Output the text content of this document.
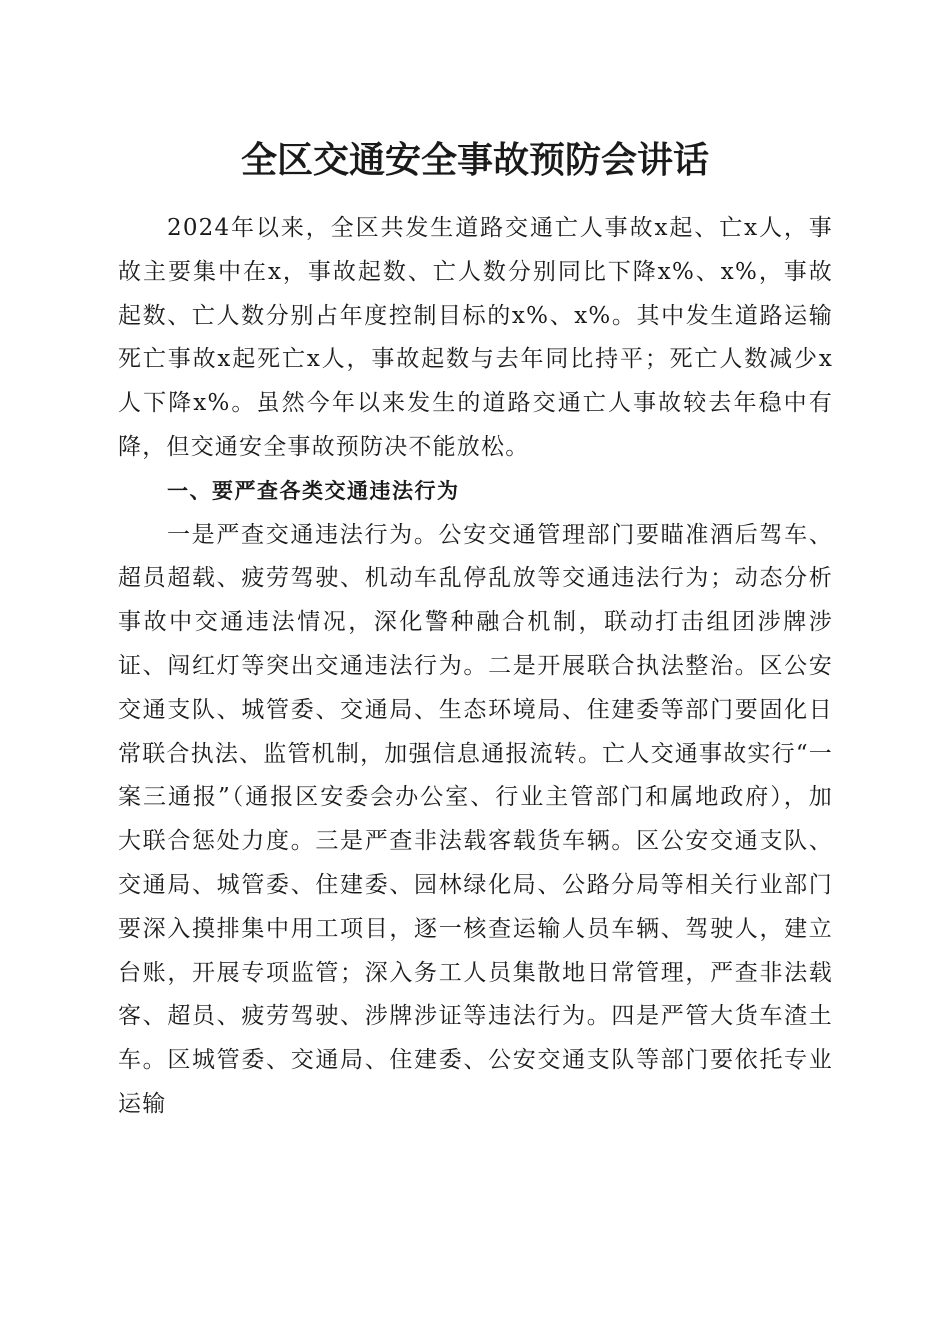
全区交通安全事故预防会讲话

2024年以来，全区共发生道路交通亡人事故x起、亡x人，事故主要集中在x，事故起数、亡人数分别同比下降x%、x%，事故起数、亡人数分别占年度控制目标的x%、x%。其中发生道路运输死亡事故x起死亡x人，事故起数与去年同比持平；死亡人数减少x人下降x%。虽然今年以来发生的道路交通亡人事故较去年稳中有降，但交通安全事故预防决不能放松。

一、要严查各类交通违法行为

一是严查交通违法行为。公安交通管理部门要瞄准酒后驾车、超员超载、疲劳驾驶、机动车乱停乱放等交通违法行为；动态分析事故中交通违法情况，深化警种融合机制，联动打击组团涉牌涉证、闯红灯等突出交通违法行为。二是开展联合执法整治。区公安交通支队、城管委、交通局、生态环境局、住建委等部门要固化日常联合执法、监管机制，加强信息通报流转。亡人交通事故实行“一案三通报”（通报区安委会办公室、行业主管部门和属地政府），加大联合惩处力度。三是严查非法载客载货车辆。区公安交通支队、交通局、城管委、住建委、园林绿化局、公路分局等相关行业部门要深入摸排集中用工项目，逐一核查运输人员车辆、驾驶人，建立台账，开展专项监管；深入务工人员集散地日常管理，严查非法载客、超员、疲劳驾驶、涉牌涉证等违法行为。四是严管大货车渣土车。区城管委、交通局、住建委、公安交通支队等部门要依托专业运输
